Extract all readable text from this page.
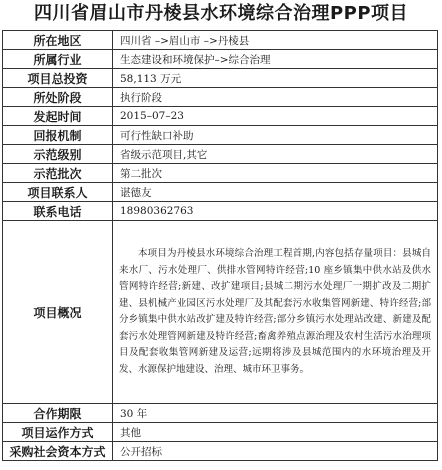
四川省眉山市丹棱县水环境综合治理PPP项目
所在地区	四川省 –>眉山市 –>丹棱县
所属行业	生态建设和环境保护–>综合治理
项目总投资	58,113 万元
所处阶段	执行阶段
发起时间	2015–07–23
回报机制	可行性缺口补助
示范级别	省级示范项目,其它
示范批次	第二批次
项目联系人	谌德友
联系电话	18980362763
项目概况	本项目为丹棱县水环境综合治理工程首期,内容包括存量项目：县城自来水厂、污水处理厂、供排水管网特许经营;10 座乡镇集中供水站及供水管网特许经营;新建、改扩建项目;县城二期污水处理厂一期扩改及二期扩建、县机械产业园区污水处理厂及其配套污水收集管网新建、特许经营;部分乡镇集中供水站改扩建及特许经营;部分乡镇污水处理站改建、新建及配套污水处理管网新建及特许经营;畜禽养殖点源治理及农村生活污水治理项目及配套收集管网新建及运营;远期将涉及县城范围内的水环境治理及开发、水源保护地建设、治理、城市环卫事务。
合作期限	30 年
项目运作方式	其他
采购社会资本方式	公开招标
